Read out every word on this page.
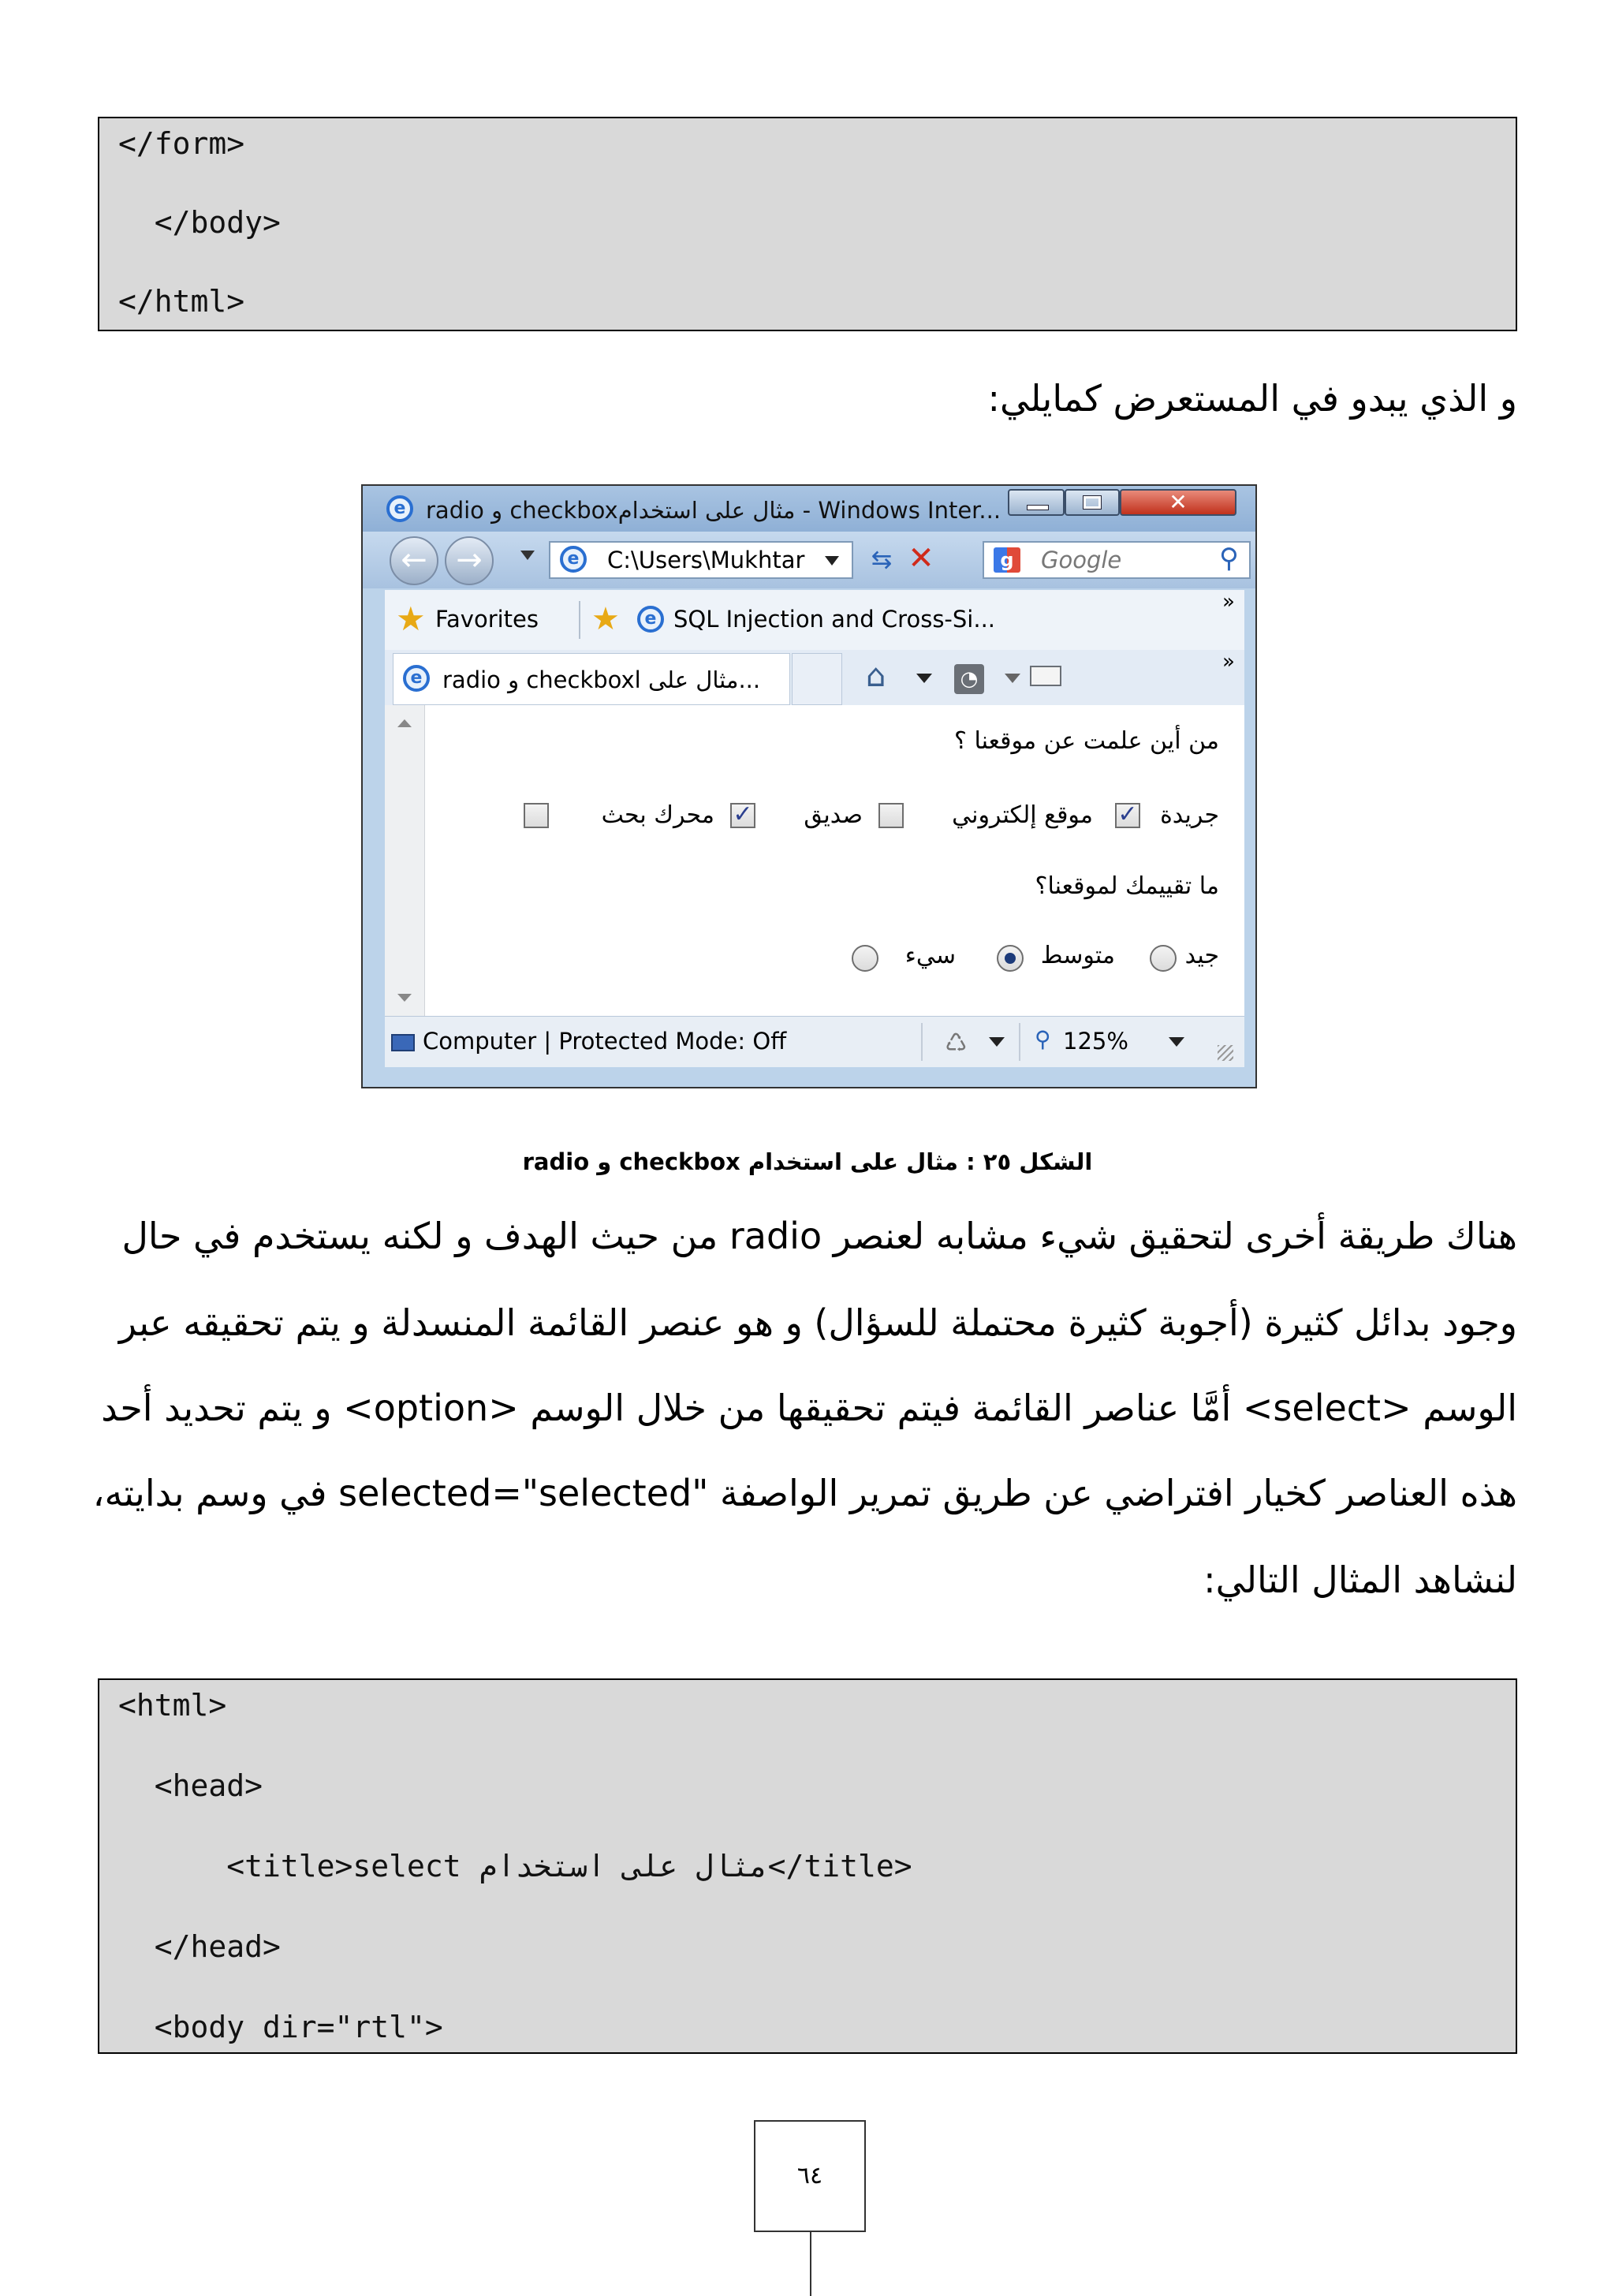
</form>
</body>
</html>
و الذي يبدو في المستعرض كمايلي:
e radio و checkboxمثال على استخدام - Windows Inter...	✕
← →	e	C:\Users\Mukhtar	⇆ ✕	g Google	⚲
★ Favorites ★	e SQL Injection and Cross-Si...
»
e radio و checkboxl مثال على...	⌂	◔
»
من أين علمت عن موقعنا ؟
جريدة
✓
موقع إلكتروني
صديق
✓
محرك بحث
ما تقييمك لموقعنا؟
جيد
متوسط
سيء
Computer | Protected Mode: Off	♺	⚲ 125%
الشكل ٢٥ : مثال على استخدام checkbox و radio
هناك طريقة أخرى لتحقيق شيء مشابه لعنصر radio من حيث الهدف و لكنه يستخدم في حال
وجود بدائل كثيرة (أجوبة كثيرة محتملة للسؤال) و هو عنصر القائمة المنسدلة و يتم تحقيقه عبر
الوسم <select> أمَّا عناصر القائمة فيتم تحقيقها من خلال الوسم <option> و يتم تحديد أحد
هذه العناصر كخيار افتراضي عن طريق تمرير الواصفة "selected="selected في وسم بدايته،
لنشاهد المثال التالي:
<html>
<head>
<title>select مثال على استخدام</title>
</head>
<body dir="rtl">
٦٤
